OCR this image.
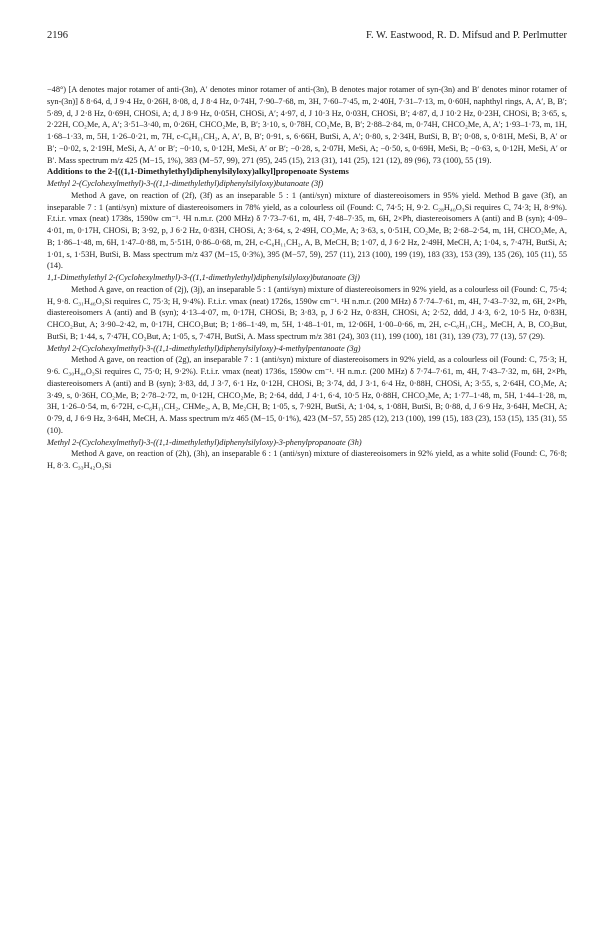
2196	F. W. Eastwood, R. D. Mifsud and P. Perlmutter

−48°) [A denotes major rotamer of anti-(3n), A′ denotes minor rotamer of anti-(3n), B denotes major rotamer of syn-(3n) and B′ denotes minor rotamer of syn-(3n)] δ 8·64, d, J 9·4 Hz, 0·26H, 8·08, d, J 8·4 Hz, 0·74H, 7·90–7·68, m, 3H, 7·60–7·45, m, 2·40H, 7·31–7·13, m, 0·60H, naphthyl rings, A, A′, B, B′; 5·89, d, J 2·8 Hz, 0·69H, CHOSi, A; d, J 8·9 Hz, 0·05H, CHOSi, A′; 4·97, d, J 10·3 Hz, 0·03H, CHOSi, B′; 4·87, d, J 10·2 Hz, 0·23H, CHOSi, B; 3·65, s, 2·22H, CO₂Me, A, A′; 3·51–3·40, m, 0·26H, CHCO₂Me, B, B′; 3·10, s, 0·78H, CO₂Me, B, B′; 2·88–2·84, m, 0·74H, CHCO₂Me, A, A′; 1·93–1·73, m, 1H, 1·68–1·33, m, 5H, 1·26–0·21, m, 7H, c-C₆H₁₁CH₂, A, A′, B, B′; 0·91, s, 6·66H, ButSi, A, A′; 0·80, s, 2·34H, ButSi, B, B′; 0·08, s, 0·81H, MeSi, B, A′ or B′; −0·02, s, 2·19H, MeSi, A, A′ or B′; −0·10, s, 0·12H, MeSi, A′ or B′; −0·28, s, 2·07H, MeSi, A; −0·50, s, 0·69H, MeSi, B; −0·63, s, 0·12H, MeSi, A′ or B′. Mass spectrum m/z 425 (M−15, 1%), 383 (M−57, 99), 271 (95), 245 (15), 213 (31), 141 (25), 121 (12), 89 (96), 73 (100), 55 (19).

Additions to the 2-[((1,1-Dimethylethyl)diphenylsilyloxy)alkyl]propenoate Systems

Methyl 2-(Cyclohexylmethyl)-3-((1,1-dimethylethyl)diphenylsilyloxy)butanoate (3f)

Method A gave, on reaction of (2f), (3f) as an inseparable 5 : 1 (anti/syn) mixture of diastereoisomers in 95% yield. Method B gave (3f), an inseparable 7 : 1 (anti/syn) mixture of diastereoisomers in 78% yield, as a colourless oil (Found: C, 74·5; H, 9·2. C₂₈H₄₀O₃Si requires C, 74·3; H, 8·9%). F.t.i.r. νmax (neat) 1738s, 1590w cm⁻¹. ¹H n.m.r. (200 MHz) δ 7·73–7·61, m, 4H, 7·48–7·35, m, 6H, 2×Ph, diastereoisomers A (anti) and B (syn); 4·09–4·01, m, 0·17H, CHOSi, B; 3·92, p, J 6·2 Hz, 0·83H, CHOSi, A; 3·64, s, 2·49H, CO₂Me, A; 3·63, s, 0·51H, CO₂Me, B; 2·68–2·54, m, 1H, CHCO₂Me, A, B; 1·86–1·48, m, 6H, 1·47–0·88, m, 5·51H, 0·86–0·68, m, 2H, c-C₆H₁₁CH₂, A, B, MeCH, B; 1·07, d, J 6·2 Hz, 2·49H, MeCH, A; 1·04, s, 7·47H, ButSi, A; 1·01, s, 1·53H, ButSi, B. Mass spectrum m/z 437 (M−15, 0·3%), 395 (M−57, 59), 257 (11), 213 (100), 199 (19), 183 (33), 153 (39), 135 (26), 105 (11), 55 (14).

1,1-Dimethylethyl 2-(Cyclohexylmethyl)-3-((1,1-dimethylethyl)diphenylsilyloxy)butanoate (3j)

Method A gave, on reaction of (2j), (3j), an inseparable 5 : 1 (anti/syn) mixture of diastereoisomers in 92% yield, as a colourless oil (Found: C, 75·4; H, 9·8. C₃₁H₄₆O₃Si requires C, 75·3; H, 9·4%). F.t.i.r. νmax (neat) 1726s, 1590w cm⁻¹. ¹H n.m.r. (200 MHz) δ 7·74–7·61, m, 4H, 7·43–7·32, m, 6H, 2×Ph, diastereoisomers A (anti) and B (syn); 4·13–4·07, m, 0·17H, CHOSi, B; 3·83, p, J 6·2 Hz, 0·83H, CHOSi, A; 2·52, ddd, J 4·3, 6·2, 10·5 Hz, 0·83H, CHCO₂But, A; 3·90–2·42, m, 0·17H, CHCO₂But; B; 1·86–1·49, m, 5H, 1·48–1·01, m, 12·06H, 1·00–0·66, m, 2H, c-C₆H₁₁CH₂, MeCH, A, B, CO₂But, ButSi, B; 1·44, s, 7·47H, CO₂But, A; 1·05, s, 7·47H, ButSi, A. Mass spectrum m/z 381 (24), 303 (11), 199 (100), 181 (31), 139 (73), 77 (13), 57 (29).

Methyl 2-(Cyclohexylmethyl)-3-((1,1-dimethylethyl)diphenylsilyloxy)-4-methylpentanoate (3g)

Method A gave, on reaction of (2g), an inseparable 7 : 1 (anti/syn) mixture of diastereoisomers in 92% yield, as a colourless oil (Found: C, 75·3; H, 9·6. C₃₀H₄₄O₃Si requires C, 75·0; H, 9·2%). F.t.i.r. νmax (neat) 1736s, 1590w cm⁻¹. ¹H n.m.r. (200 MHz) δ 7·74–7·61, m, 4H, 7·43–7·32, m, 6H, 2×Ph, diastereoisomers A (anti) and B (syn); 3·83, dd, J 3·7, 6·1 Hz, 0·12H, CHOSi, B; 3·74, dd, J 3·1, 6·4 Hz, 0·88H, CHOSi, A; 3·55, s, 2·64H, CO₂Me, A; 3·49, s, 0·36H, CO₂Me, B; 2·78–2·72, m, 0·12H, CHCO₂Me, B; 2·64, ddd, J 4·1, 6·4, 10·5 Hz, 0·88H, CHCO₂Me, A; 1·77–1·48, m, 5H, 1·44–1·28, m, 3H, 1·26–0·54, m, 6·72H, c-C₆H₁₁CH₂, CHMe₂, A, B, Me₂CH, B; 1·05, s, 7·92H, ButSi, A; 1·04, s, 1·08H, ButSi, B; 0·88, d, J 6·9 Hz, 3·64H, MeCH, A; 0·79, d, J 6·9 Hz, 3·64H, MeCH, A. Mass spectrum m/z 465 (M−15, 0·1%), 423 (M−57, 55) 285 (12), 213 (100), 199 (15), 183 (23), 153 (15), 135 (31), 55 (10).

Methyl 2-(Cyclohexylmethyl)-3-((1,1-dimethylethyl)diphenylsilyloxy)-3-phenylpropanoate (3h)

Method A gave, on reaction of (2h), (3h), an inseparable 6 : 1 (anti/syn) mixture of diastereoisomers in 92% yield, as a white solid (Found: C, 76·8; H, 8·3. C₃₃H₄₂O₃Si
